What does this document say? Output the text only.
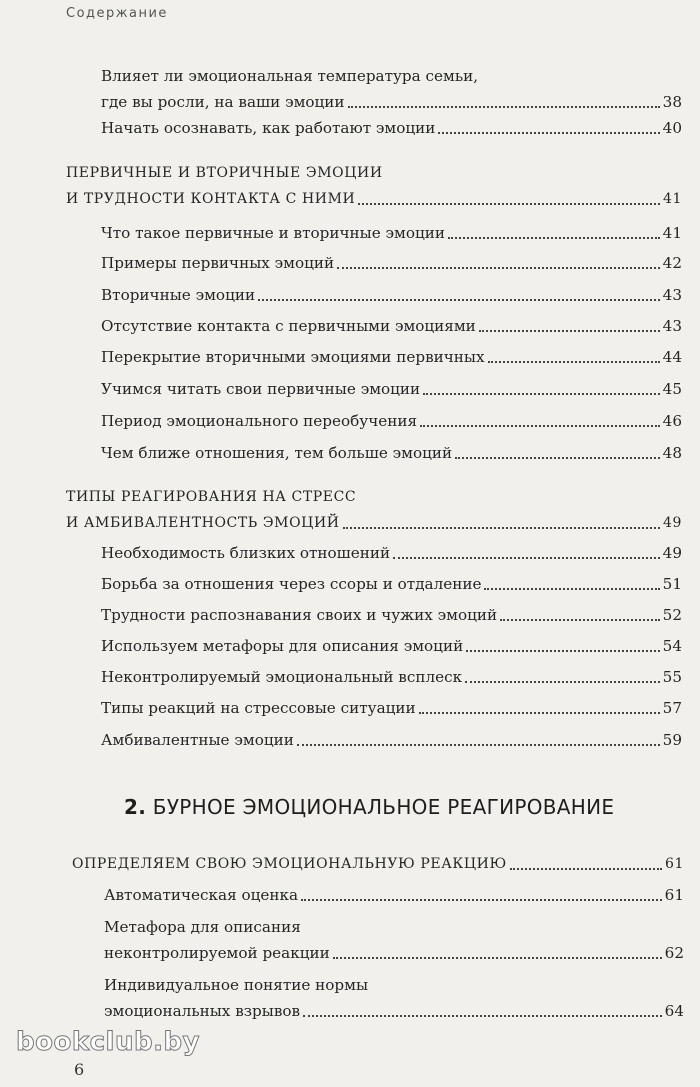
Содержание
Влияет ли эмоциональная температура семьи,
где вы росли, на ваши эмоции	38
Начать осознавать, как работают эмоции	40
ПЕРВИЧНЫЕ И ВТОРИЧНЫЕ ЭМОЦИИ
И ТРУДНОСТИ КОНТАКТА С НИМИ	41
Что такое первичные и вторичные эмоции	41
Примеры первичных эмоций	42
Вторичные эмоции	43
Отсутствие контакта с первичными эмоциями	43
Перекрытие вторичными эмоциями первичных	44
Учимся читать свои первичные эмоции	45
Период эмоционального переобучения	46
Чем ближе отношения, тем больше эмоций	48
ТИПЫ РЕАГИРОВАНИЯ НА СТРЕСС
И АМБИВАЛЕНТНОСТЬ ЭМОЦИЙ	49
Необходимость близких отношений	49
Борьба за отношения через ссоры и отдаление	51
Трудности распознавания своих и чужих эмоций	52
Используем метафоры для описания эмоций	54
Неконтролируемый эмоциональный всплеск	55
Типы реакций на стрессовые ситуации	57
Амбивалентные эмоции	59
2. БУРНОЕ ЭМОЦИОНАЛЬНОЕ РЕАГИРОВАНИЕ
ОПРЕДЕЛЯЕМ СВОЮ ЭМОЦИОНАЛЬНУЮ РЕАКЦИЮ	61
Автоматическая оценка	61
Метафора для описания
неконтролируемой реакции	62
Индивидуальное понятие нормы
эмоциональных взрывов	64
bookclub.by
6
